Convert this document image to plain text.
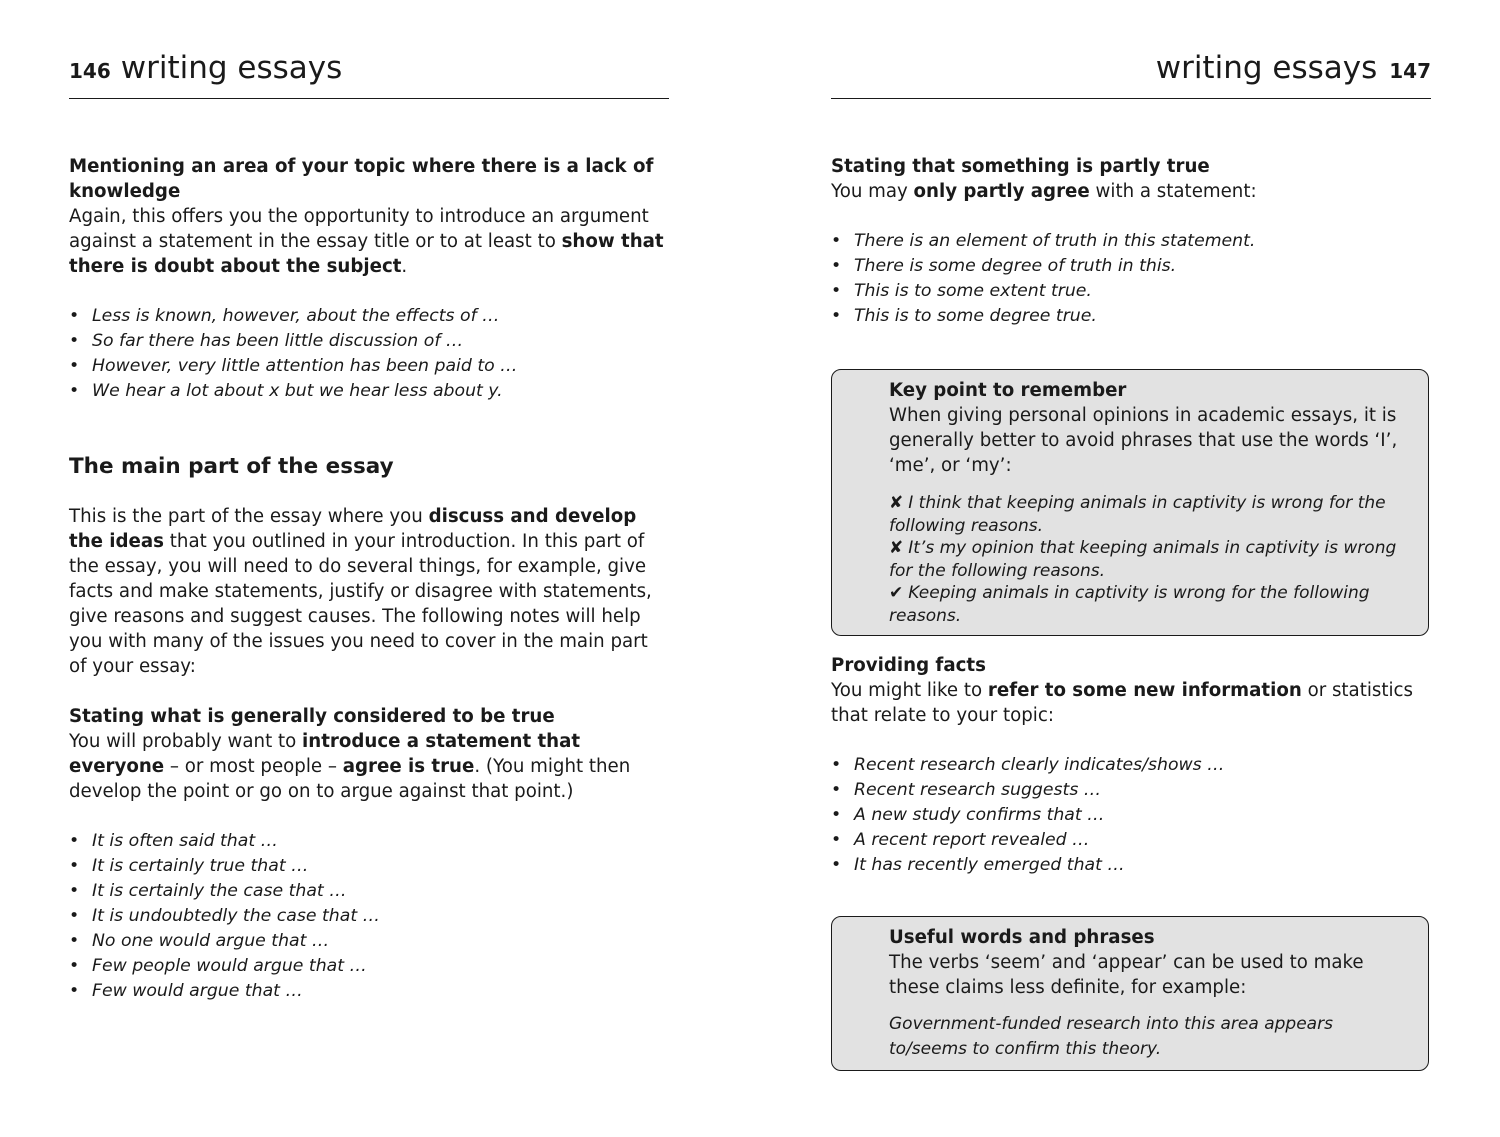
146 writing essays

Mentioning an area of your topic where there is a lack of knowledge

Again, this offers you the opportunity to introduce an argument against a statement in the essay title or to at least to show that there is doubt about the subject.

• Less is known, however, about the effects of …
• So far there has been little discussion of …
• However, very little attention has been paid to …
• We hear a lot about x but we hear less about y.
The main part of the essay

This is the part of the essay where you discuss and develop the ideas that you outlined in your introduction. In this part of the essay, you will need to do several things, for example, give facts and make statements, justify or disagree with statements, give reasons and suggest causes. The following notes will help you with many of the issues you need to cover in the main part of your essay:

Stating what is generally considered to be true

You will probably want to introduce a statement that everyone – or most people – agree is true. (You might then develop the point or go on to argue against that point.)

• It is often said that …
• It is certainly true that …
• It is certainly the case that …
• It is undoubtedly the case that …
• No one would argue that …
• Few people would argue that …
• Few would argue that …
writing essays 147

Stating that something is partly true

You may only partly agree with a statement:

• There is an element of truth in this statement.
• There is some degree of truth in this.
• This is to some extent true.
• This is to some degree true.

Key point to remember

When giving personal opinions in academic essays, it is generally better to avoid phrases that use the words ‘I’, ‘me’, or ‘my’:

✘ I think that keeping animals in captivity is wrong for the following reasons.

✘ It’s my opinion that keeping animals in captivity is wrong for the following reasons.

✔ Keeping animals in captivity is wrong for the following reasons.

Providing facts

You might like to refer to some new information or statistics that relate to your topic:

• Recent research clearly indicates/shows …
• Recent research suggests …
• A new study confirms that …
• A recent report revealed …
• It has recently emerged that …

Useful words and phrases

The verbs ‘seem’ and ‘appear’ can be used to make these claims less definite, for example:

Government-funded research into this area appears to/seems to confirm this theory.
